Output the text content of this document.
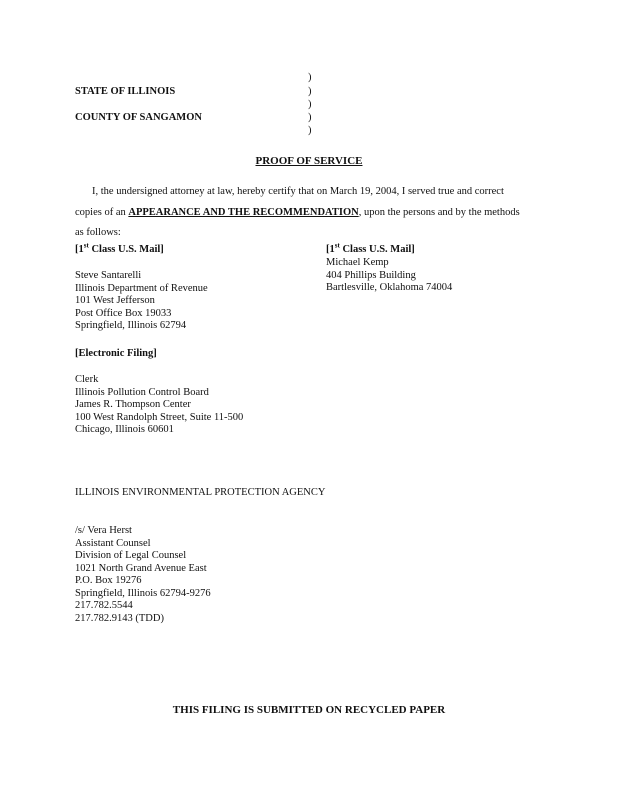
)
STATE OF ILLINOIS	)
)
COUNTY OF SANGAMON	)
)
PROOF OF SERVICE
I, the undersigned attorney at law, hereby certify that on March 19, 2004, I served true and correct
copies of an APPEARANCE AND THE RECOMMENDATION, upon the persons and by the methods
as follows:
[1st Class U.S. Mail]
Steve Santarelli
Illinois Department of Revenue
101 West Jefferson
Post Office Box 19033
Springfield, Illinois 62794
[1st Class U.S. Mail]
Michael Kemp
404 Phillips Building
Bartlesville, Oklahoma 74004
[Electronic Filing]
Clerk
Illinois Pollution Control Board
James R. Thompson Center
100 West Randolph Street, Suite 11-500
Chicago, Illinois 60601
ILLINOIS ENVIRONMENTAL PROTECTION AGENCY
/s/ Vera Herst
Assistant Counsel
Division of Legal Counsel
1021 North Grand Avenue East
P.O. Box 19276
Springfield, Illinois 62794-9276
217.782.5544
217.782.9143 (TDD)
THIS FILING IS SUBMITTED ON RECYCLED PAPER
